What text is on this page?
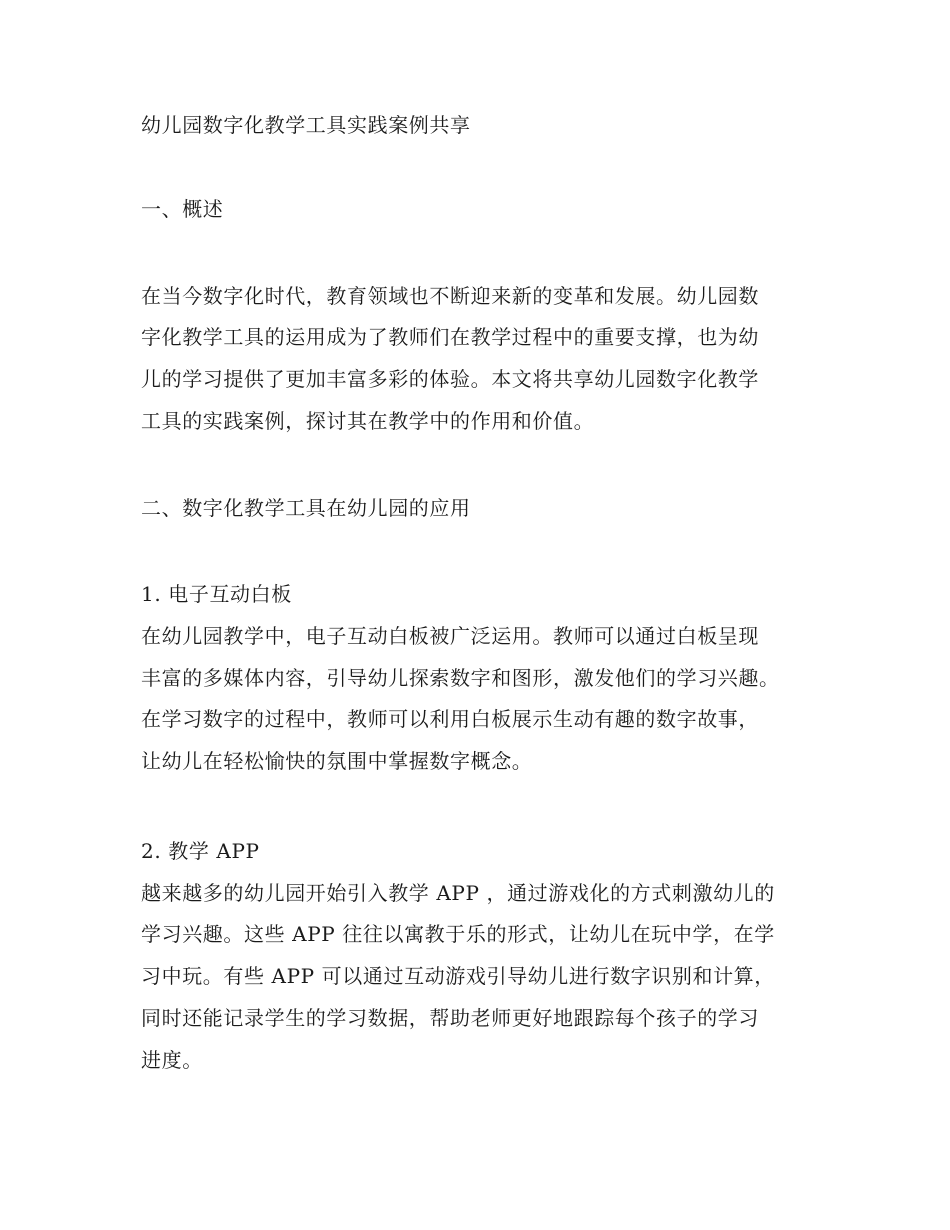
幼儿园数字化教学工具实践案例共享
一、概述
在当今数字化时代，教育领域也不断迎来新的变革和发展。幼儿园数
字化教学工具的运用成为了教师们在教学过程中的重要支撑，也为幼
儿的学习提供了更加丰富多彩的体验。本文将共享幼儿园数字化教学
工具的实践案例，探讨其在教学中的作用和价值。
二、数字化教学工具在幼儿园的应用
1. 电子互动白板
在幼儿园教学中，电子互动白板被广泛运用。教师可以通过白板呈现
丰富的多媒体内容，引导幼儿探索数字和图形，激发他们的学习兴趣。
在学习数字的过程中，教师可以利用白板展示生动有趣的数字故事，
让幼儿在轻松愉快的氛围中掌握数字概念。
2. 教学 APP
越来越多的幼儿园开始引入教学 APP ，通过游戏化的方式刺激幼儿的
学习兴趣。这些 APP 往往以寓教于乐的形式，让幼儿在玩中学，在学
习中玩。有些 APP 可以通过互动游戏引导幼儿进行数字识别和计算，
同时还能记录学生的学习数据，帮助老师更好地跟踪每个孩子的学习
进度。
